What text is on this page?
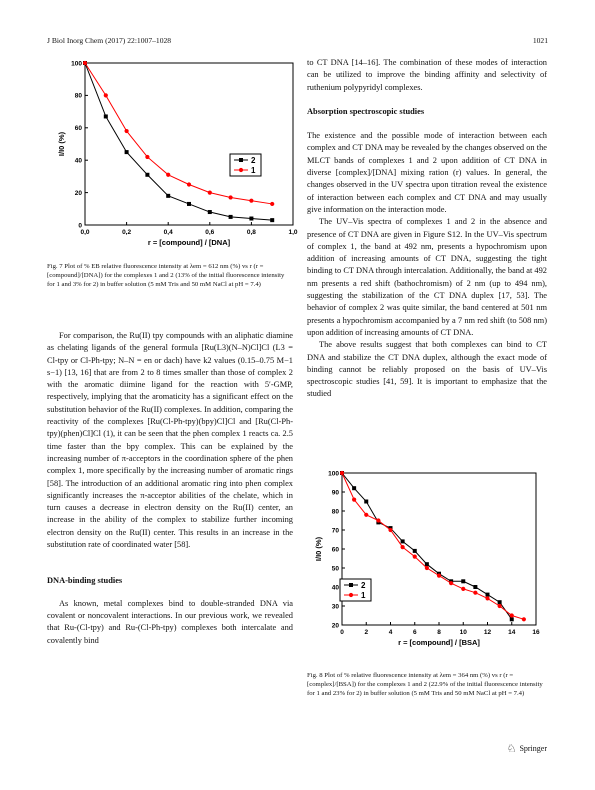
J Biol Inorg Chem (2017) 22:1007–1028	1021
0,0	0,2	0,4	0,6	0,8	1,0
0
20
40
60
80
100
r = [compound] / [DNA]
I/I0 (%)
2
1
Fig. 7 Plot of % EB relative fluorescence intensity at λem = 612 nm (%) vs r (r = [compound]/[DNA]) for the complexes 1 and 2 (13% of the initial fluorescence intensity for 1 and 3% for 2) in buffer solution (5 mM Tris and 50 mM NaCl at pH = 7.4)

For comparison, the Ru(II) tpy compounds with an aliphatic diamine as chelating ligands of the general formula [Ru(L3)(N–N)Cl]Cl (L3 = Cl-tpy or Cl-Ph-tpy; N–N = en or dach) have k2 values (0.15–0.75 M−1 s−1) [13, 16] that are from 2 to 8 times smaller than those of complex 2 with the aromatic diimine ligand for the reaction with 5′-GMP, respectively, implying that the aromaticity has a significant effect on the substitution behavior of the Ru(II) complexes. In addition, comparing the reactivity of the complexes [Ru(Cl-Ph-tpy)(bpy)Cl]Cl and [Ru(Cl-Ph-tpy)(phen)Cl]Cl (1), it can be seen that the phen complex 1 reacts ca. 2.5 time faster than the bpy complex. This can be explained by the increasing number of π-acceptors in the coordination sphere of the phen complex 1, more specifically by the increasing number of aromatic rings [58]. The introduction of an additional aromatic ring into phen complex significantly increases the π-acceptor abilities of the chelate, which in turn causes a decrease in electron density on the Ru(II) center, an increase in the ability of the complex to stabilize further incoming electron density on the Ru(II) center. This results in an increase in the substitution rate of coordinated water [58].

DNA-binding studies

As known, metal complexes bind to double-stranded DNA via covalent or noncovalent interactions. In our previous work, we revealed that Ru-(Cl-tpy) and Ru-(Cl-Ph-tpy) complexes both intercalate and covalently bind

to CT DNA [14–16]. The combination of these modes of interaction can be utilized to improve the binding affinity and selectivity of ruthenium polypyridyl complexes.

Absorption spectroscopic studies

The existence and the possible mode of interaction between each complex and CT DNA may be revealed by the changes observed on the MLCT bands of complexes 1 and 2 upon addition of CT DNA in diverse [complex]/[DNA] mixing ration (r) values. In general, the changes observed in the UV spectra upon titration reveal the existence of interaction between each complex and CT DNA and may usually give information on the interaction mode.

The UV–Vis spectra of complexes 1 and 2 in the absence and presence of CT DNA are given in Figure S12. In the UV–Vis spectrum of complex 1, the band at 492 nm, presents a hypochromism upon addition of increasing amounts of CT DNA, suggesting the tight binding to CT DNA through intercalation. Additionally, the band at 492 nm presents a red shift (bathochromism) of 2 nm (up to 494 nm), suggesting the stabilization of the CT DNA duplex [17, 53]. The behavior of complex 2 was quite similar, the band centered at 501 nm presents a hypochromism accompanied by a 7 nm red shift (to 508 nm) upon addition of increasing amounts of CT DNA.

The above results suggest that both complexes can bind to CT DNA and stabilize the CT DNA duplex, although the exact mode of binding cannot be reliably proposed on the basis of UV–Vis spectroscopic studies [41, 59]. It is important to emphasize that the studied

0	2	4	6	8	10	12	14	16
20
30
40
50
60
70
80
90
100
r = [compound] / [BSA]
I/I0 (%)
2
1
Fig. 8 Plot of % relative fluorescence intensity at λem = 364 nm (%) vs r (r = [complex]/[BSA]) for the complexes 1 and 2 (22.9% of the initial fluorescence intensity for 1 and 23% for 2) in buffer solution (5 mM Tris and 50 mM NaCl at pH = 7.4)
♘ Springer
